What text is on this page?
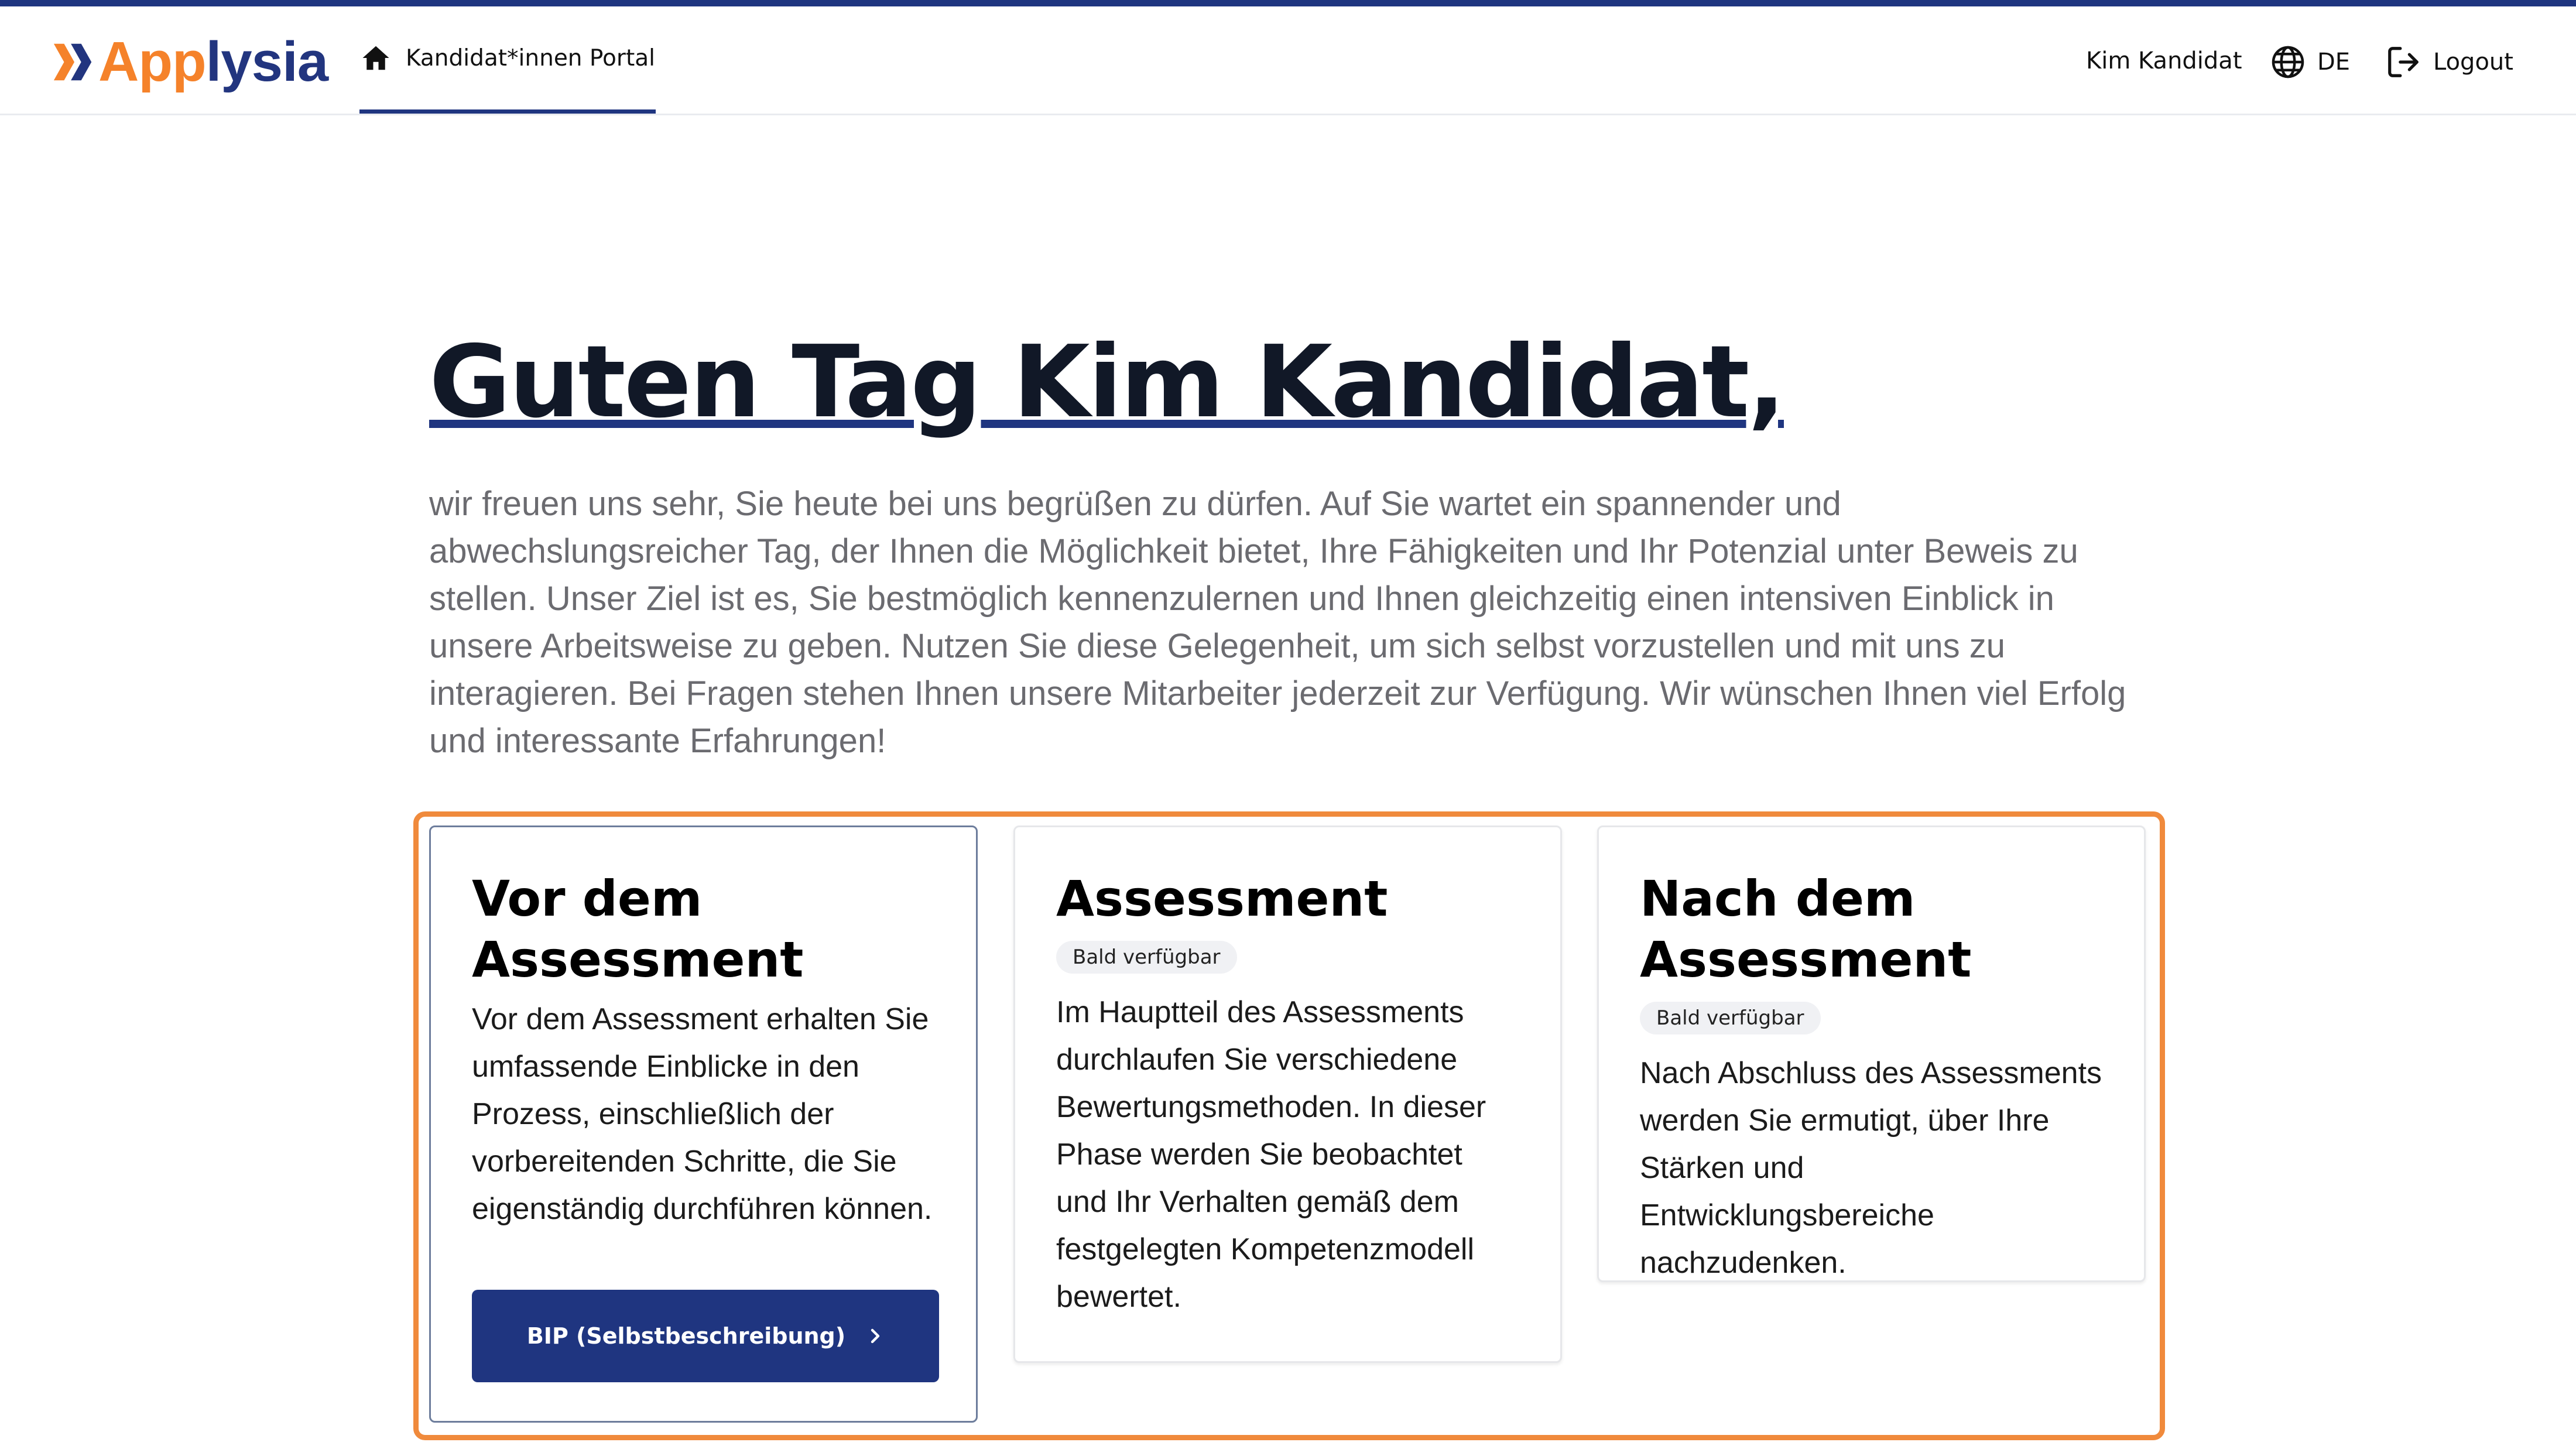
Applysia	Kandidat*innen Portal	Kim Kandidat	DE	Logout
Guten Tag Kim Kandidat,

wir freuen uns sehr, Sie heute bei uns begrüßen zu dürfen. Auf Sie wartet ein spannender und abwechslungsreicher Tag, der Ihnen die Möglichkeit bietet, Ihre Fähigkeiten und Ihr Potenzial unter Beweis zu stellen. Unser Ziel ist es, Sie bestmöglich kennenzulernen und Ihnen gleichzeitig einen intensiven Einblick in unsere Arbeitsweise zu geben. Nutzen Sie diese Gelegenheit, um sich selbst vorzustellen und mit uns zu interagieren. Bei Fragen stehen Ihnen unsere Mitarbeiter jederzeit zur Verfügung. Wir wünschen Ihnen viel Erfolg und interessante Erfahrungen!

Vor dem Assessment

Vor dem Assessment erhalten Sie umfassende Einblicke in den Prozess, einschließlich der vorbereitenden Schritte, die Sie eigenständig durchführen können.

BIP (Selbstbeschreibung)
Assessment
Bald verfügbar

Im Hauptteil des Assessments durchlaufen Sie verschiedene Bewertungsmethoden. In dieser Phase werden Sie beobachtet und Ihr Verhalten gemäß dem festgelegten Kompetenzmodell bewertet.

Nach dem Assessment
Bald verfügbar

Nach Abschluss des Assessments werden Sie ermutigt, über Ihre Stärken und Entwicklungsbereiche nachzudenken.
